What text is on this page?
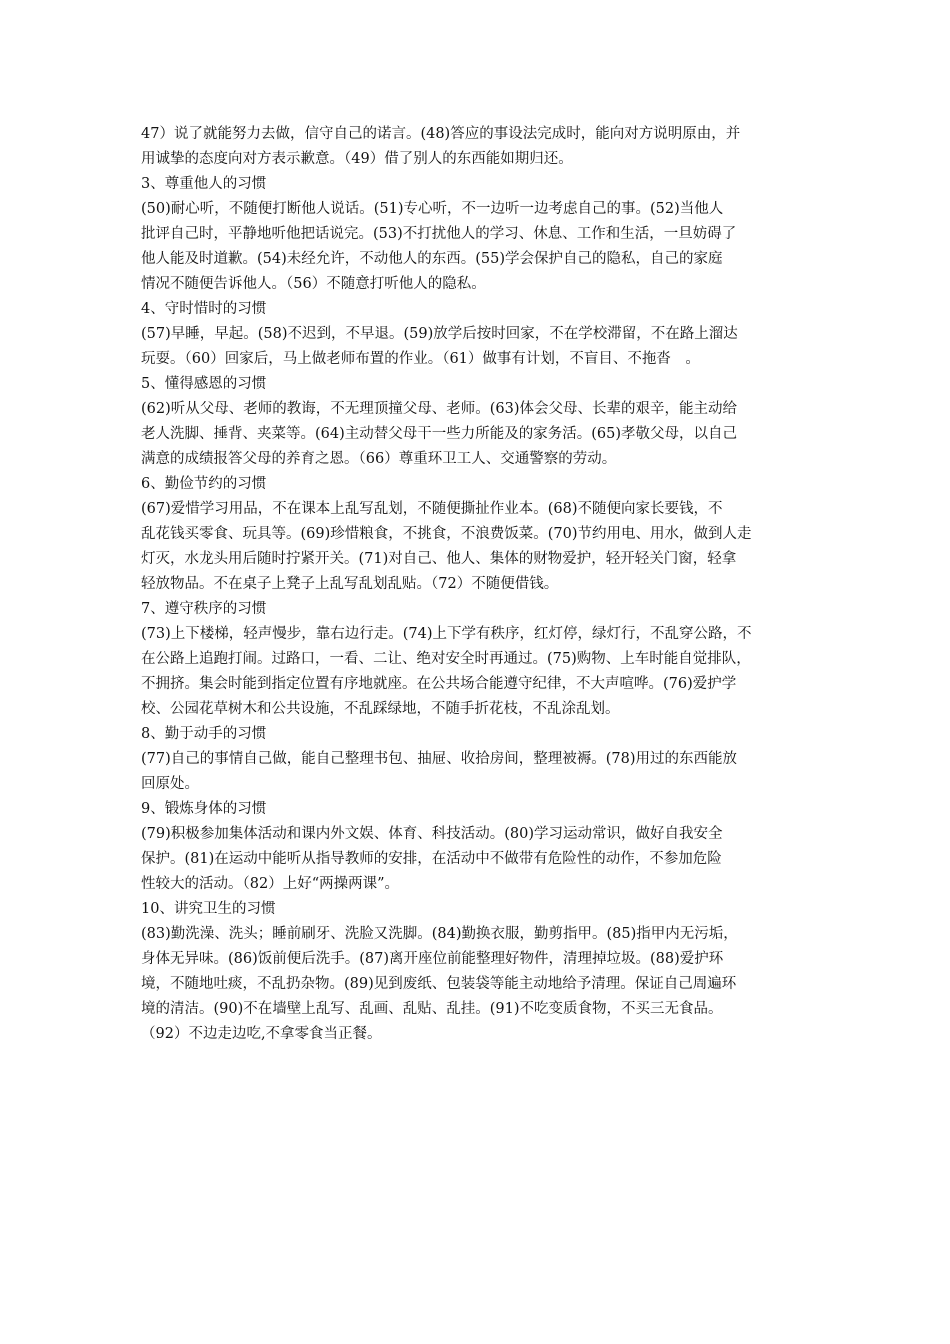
47）说了就能努力去做，信守自己的诺言。(48)答应的事设法完成时，能向对方说明原由，并
用诚挚的态度向对方表示歉意。（49）借了别人的东西能如期归还。
3、尊重他人的习惯
(50)耐心听，不随便打断他人说话。(51)专心听，不一边听一边考虑自己的事。(52)当他人
批评自己时，平静地听他把话说完。(53)不打扰他人的学习、休息、工作和生活，一旦妨碍了
他人能及时道歉。(54)未经允许，不动他人的东西。(55)学会保护自己的隐私，自己的家庭
情况不随便告诉他人。（56）不随意打听他人的隐私。
4、守时惜时的习惯
(57)早睡，早起。(58)不迟到，不早退。(59)放学后按时回家，不在学校滞留，不在路上溜达
玩耍。（60）回家后，马上做老师布置的作业。（61）做事有计划，不盲目、不拖沓　。
5、懂得感恩的习惯
(62)听从父母、老师的教诲，不无理顶撞父母、老师。(63)体会父母、长辈的艰辛，能主动给
老人洗脚、捶背、夹菜等。(64)主动替父母干一些力所能及的家务活。(65)孝敬父母，以自己
满意的成绩报答父母的养育之恩。（66）尊重环卫工人、交通警察的劳动。
6、勤俭节约的习惯
(67)爱惜学习用品，不在课本上乱写乱划，不随便撕扯作业本。(68)不随便向家长要钱，不
乱花钱买零食、玩具等。(69)珍惜粮食，不挑食，不浪费饭菜。(70)节约用电、用水，做到人走
灯灭，水龙头用后随时拧紧开关。(71)对自己、他人、集体的财物爱护，轻开轻关门窗，轻拿
轻放物品。不在桌子上凳子上乱写乱划乱贴。（72）不随便借钱。
7、遵守秩序的习惯
(73)上下楼梯，轻声慢步，靠右边行走。(74)上下学有秩序，红灯停，绿灯行，不乱穿公路，不
在公路上追跑打闹。过路口，一看、二让、绝对安全时再通过。(75)购物、上车时能自觉排队，
不拥挤。集会时能到指定位置有序地就座。在公共场合能遵守纪律，不大声喧哗。(76)爱护学
校、公园花草树木和公共设施，不乱踩绿地，不随手折花枝，不乱涂乱划。
8、勤于动手的习惯
(77)自己的事情自己做，能自己整理书包、抽屉、收拾房间，整理被褥。(78)用过的东西能放
回原处。
9、锻炼身体的习惯
(79)积极参加集体活动和课内外文娱、体育、科技活动。(80)学习运动常识，做好自我安全
保护。(81)在运动中能听从指导教师的安排，在活动中不做带有危险性的动作，不参加危险
性较大的活动。（82）上好“两操两课”。
10、讲究卫生的习惯
(83)勤洗澡、洗头；睡前刷牙、洗脸又洗脚。(84)勤换衣服，勤剪指甲。(85)指甲内无污垢，
身体无异味。(86)饭前便后洗手。(87)离开座位前能整理好物件，清理掉垃圾。(88)爱护环
境，不随地吐痰，不乱扔杂物。(89)见到废纸、包装袋等能主动地给予清理。保证自己周遍环
境的清洁。(90)不在墙壁上乱写、乱画、乱贴、乱挂。(91)不吃变质食物，不买三无食品。
（92）不边走边吃,不拿零食当正餐。
